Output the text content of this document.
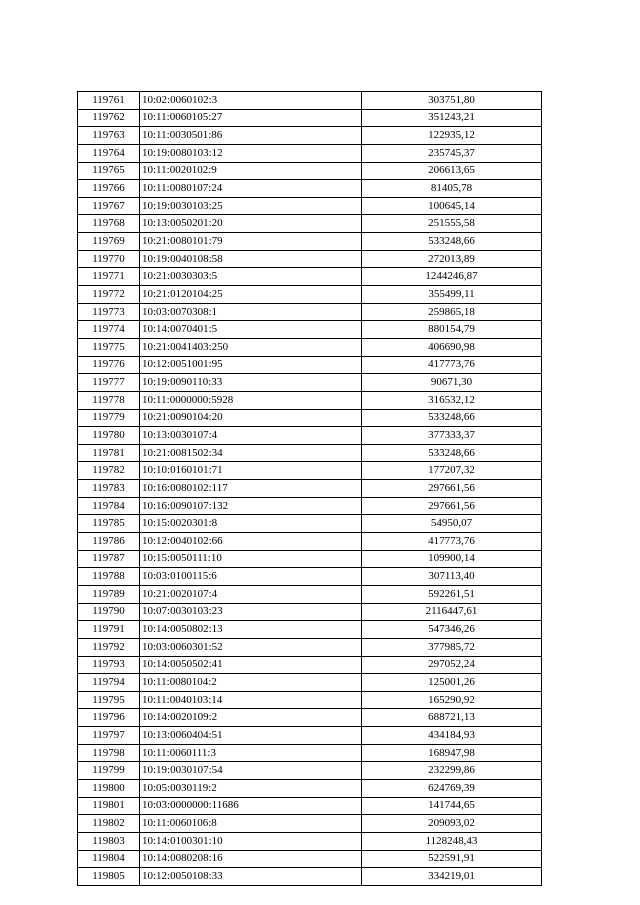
119761	10:02:0060102:3	303751,80
119762	10:11:0060105:27	351243,21
119763	10:11:0030501:86	122935,12
119764	10:19:0080103:12	235745,37
119765	10:11:0020102:9	206613,65
119766	10:11:0080107:24	81405,78
119767	10:19:0030103:25	100645,14
119768	10:13:0050201:20	251555,58
119769	10:21:0080101:79	533248,66
119770	10:19:0040108:58	272013,89
119771	10:21:0030303:5	1244246,87
119772	10:21:0120104:25	355499,11
119773	10:03:0070308:1	259865,18
119774	10:14:0070401:5	880154,79
119775	10:21:0041403:250	406690,98
119776	10:12:0051001:95	417773,76
119777	10:19:0090110:33	90671,30
119778	10:11:0000000:5928	316532,12
119779	10:21:0090104:20	533248,66
119780	10:13:0030107:4	377333,37
119781	10:21:0081502:34	533248,66
119782	10:10:0160101:71	177207,32
119783	10:16:0080102:117	297661,56
119784	10:16:0090107:132	297661,56
119785	10:15:0020301:8	54950,07
119786	10:12:0040102:66	417773,76
119787	10:15:0050111:10	109900,14
119788	10:03:0100115:6	307113,40
119789	10:21:0020107:4	592261,51
119790	10:07:0030103:23	2116447,61
119791	10:14:0050802:13	547346,26
119792	10:03:0060301:52	377985,72
119793	10:14:0050502:41	297052,24
119794	10:11:0080104:2	125001,26
119795	10:11:0040103:14	165290,92
119796	10:14:0020109:2	688721,13
119797	10:13:0060404:51	434184,93
119798	10:11:0060111:3	168947,98
119799	10:19:0030107:54	232299,86
119800	10:05:0030119:2	624769,39
119801	10:03:0000000:11686	141744,65
119802	10:11:0060106:8	209093,02
119803	10:14:0100301:10	1128248,43
119804	10:14:0080208:16	522591,91
119805	10:12:0050108:33	334219,01
